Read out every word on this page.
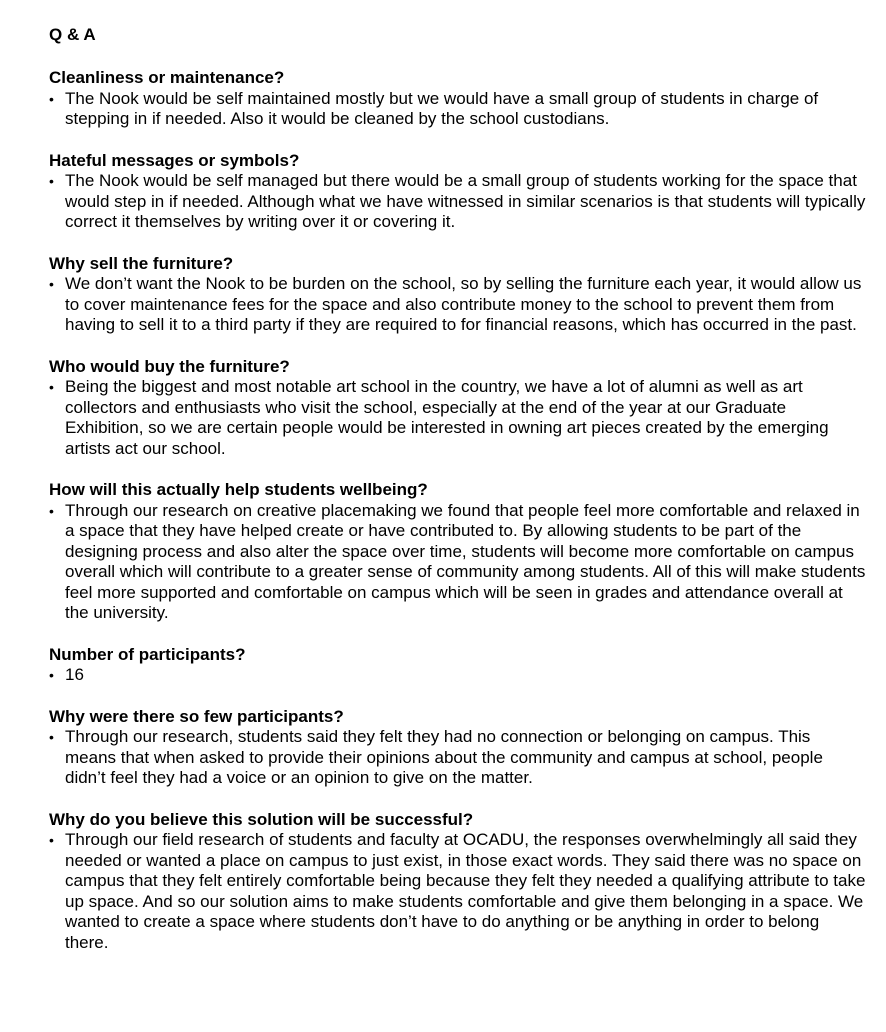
Q & A

Cleanliness or maintenance?

• The Nook would be self maintained mostly but we would have a small group of students in charge of stepping in if needed. Also it would be cleaned by the school custodians.

Hateful messages or symbols?

• The Nook would be self managed but there would be a small group of students working for the space that would step in if needed. Although what we have witnessed in similar scenarios is that students will typically correct it themselves by writing over it or covering it.

Why sell the furniture?

• We don’t want the Nook to be burden on the school, so by selling the furniture each year, it would allow us to cover maintenance fees for the space and also contribute money to the school to prevent them from having to sell it to a third party if they are required to for financial reasons, which has occurred in the past.

Who would buy the furniture?

• Being the biggest and most notable art school in the country, we have a lot of alumni as well as art collectors and enthusiasts who visit the school, especially at the end of the year at our Graduate Exhibition, so we are certain people would be interested in owning art pieces created by the emerging artists act our school.

How will this actually help students wellbeing?

• Through our research on creative placemaking we found that people feel more comfortable and relaxed in a space that they have helped create or have contributed to. By allowing students to be part of the designing process and also alter the space over time, students will become more comfortable on campus overall which will contribute to a greater sense of community among students. All of this will make students feel more supported and comfortable on campus which will be seen in grades and attendance overall at the university.

Number of participants?

• 16

Why were there so few participants?

• Through our research, students said they felt they had no connection or belonging on campus. This means that when asked to provide their opinions about the community and campus at school, people didn’t feel they had a voice or an opinion to give on the matter.

Why do you believe this solution will be successful?

• Through our field research of students and faculty at OCADU, the responses overwhelmingly all said they needed or wanted a place on campus to just exist, in those exact words. They said there was no space on campus that they felt entirely comfortable being because they felt they needed a qualifying attribute to take up space. And so our solution aims to make students comfortable and give them belonging in a space. We wanted to create a space where students don’t have to do anything or be anything in order to belong there.
